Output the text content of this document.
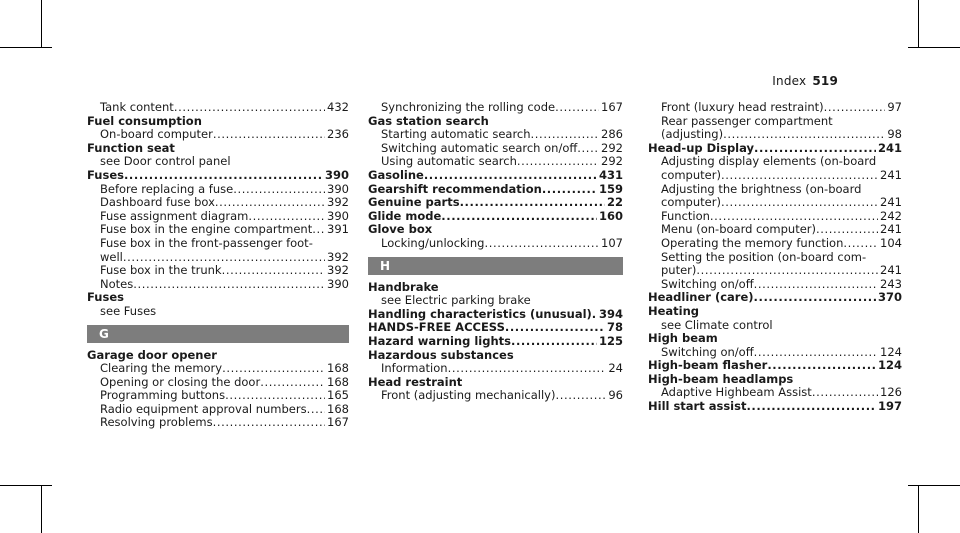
Index 519
Tank content .....	432
Fuel consumption
On-board computer .....	236
Function seat
see Door control panel
Fuses .....	390
Before replacing a fuse .....	390
Dashboard fuse box .....	392
Fuse assignment diagram .....	390
Fuse box in the engine compartment ..... 391
Fuse box in the front-passenger foot-
well .....	392
Fuse box in the trunk .....	392
Notes .....	390
Fuses
see Fuses
G
Garage door opener
Clearing the memory .....	168
Opening or closing the door .....	168
Programming buttons .....	165
Radio equipment approval numbers ..... 168
Resolving problems .....	167
Synchronizing the rolling code .....	167
Gas station search
Starting automatic search .....	286
Switching automatic search on/off ..... 292
Using automatic search .....	292
Gasoline .....	431
Gearshift recommendation .....	159
Genuine parts .....	22
Glide mode .....	160
Glove box
Locking/unlocking .....	107
H
Handbrake
see Electric parking brake
Handling characteristics (unusual) ..... 394
HANDS-FREE ACCESS .....	78
Hazard warning lights .....	125
Hazardous substances
Information .....	24
Head restraint
Front (adjusting mechanically) .....	96
Front (luxury head restraint) .....	97
Rear passenger compartment
(adjusting) .....	98
Head-up Display .....	241
Adjusting display elements (on-board
computer) .....	241
Adjusting the brightness (on-board
computer) .....	241
Function .....	242
Menu (on-board computer) .....	241
Operating the memory function .....	104
Setting the position (on-board com-
puter) .....	241
Switching on/off .....	243
Headliner (care) .....	370
Heating
see Climate control
High beam
Switching on/off .....	124
High-beam flasher .....	124
High-beam headlamps
Adaptive Highbeam Assist .....	126
Hill start assist .....	197
